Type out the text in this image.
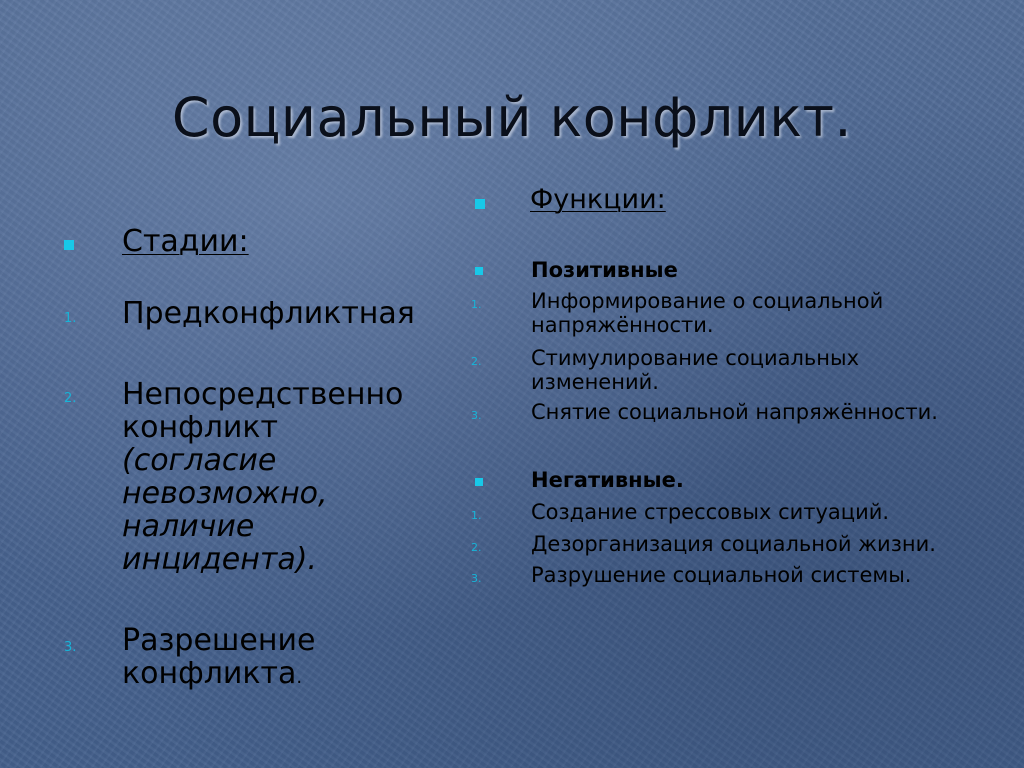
Социальный конфликт.
Стадии:
1. Предконфликтная
2. Непосредственно конфликт
(согласие
невозможно,
наличие
инцидента).
3. Разрешение
конфликта.
Функции:
Позитивные
1. Информирование о социальной
напряжённости.
2. Стимулирование социальных
изменений.
3. Снятие социальной напряжённости.
Негативные.
1. Создание стрессовых ситуаций.
2. Дезорганизация социальной жизни.
3. Разрушение социальной системы.
